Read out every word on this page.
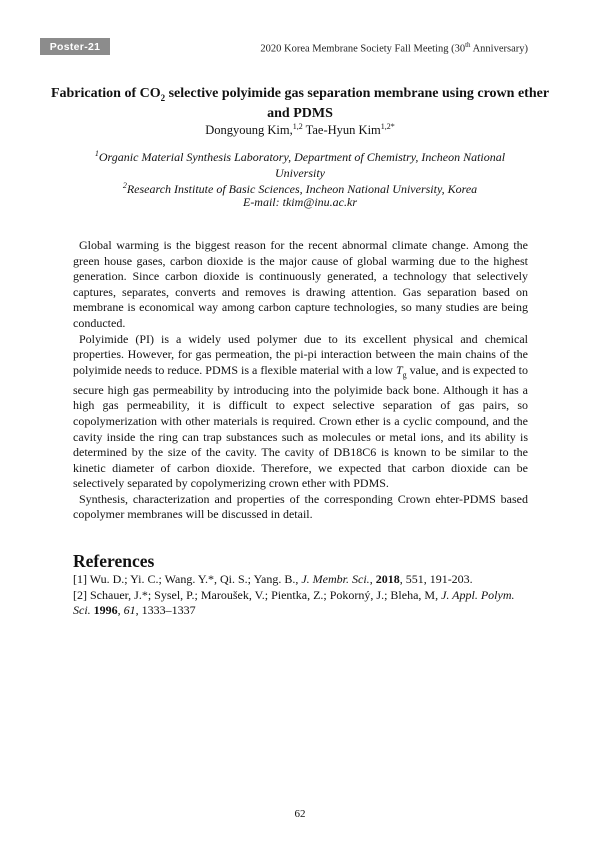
Poster-21	2020 Korea Membrane Society Fall Meeting (30th Anniversary)
Fabrication of $CO_2$ selective polyimide gas separation membrane using crown ether and PDMS
Dongyoung Kim,$^{1,2}$ Tae-Hyun Kim$^{1,2*}$
$^1$Organic Material Synthesis Laboratory, Department of Chemistry, Incheon National University
$^2$Research Institute of Basic Sciences, Incheon National University, Korea
E-mail: tkim@inu.ac.kr

Global warming is the biggest reason for the recent abnormal climate change. Among the green house gases, carbon dioxide is the major cause of global warming due to the highest generation. Since carbon dioxide is continuously generated, a technology that selectively captures, separates, converts and removes is drawing attention. Gas separation based on membrane is economical way among carbon capture technologies, so many studies are being conducted.

Polyimide (PI) is a widely used polymer due to its excellent physical and chemical properties. However, for gas permeation, the pi-pi interaction between the main chains of the polyimide needs to reduce. PDMS is a flexible material with a low $T_g$ value, and is expected to secure high gas permeability by introducing into the polyimide back bone. Although it has a high gas permeability, it is difficult to expect selective separation of gas pairs, so copolymerization with other materials is required. Crown ether is a cyclic compound, and the cavity inside the ring can trap substances such as molecules or metal ions, and its ability is determined by the size of the cavity. The cavity of DB18C6 is known to be similar to the kinetic diameter of carbon dioxide. Therefore, we expected that carbon dioxide can be selectively separated by copolymerizing crown ether with PDMS.

Synthesis, characterization and properties of the corresponding Crown ehter-PDMS based copolymer membranes will be discussed in detail.

References
[1] Wu. D.; Yi. C.; Wang. Y.*, Qi. S.; Yang. B., J. Membr. Sci., 2018, 551, 191-203.
[2] Schauer, J.*; Sysel, P.; Maroušek, V.; Pientka, Z.; Pokorný, J.; Bleha, M, J. Appl. Polym. Sci. 1996, 61, 1333–1337
62
